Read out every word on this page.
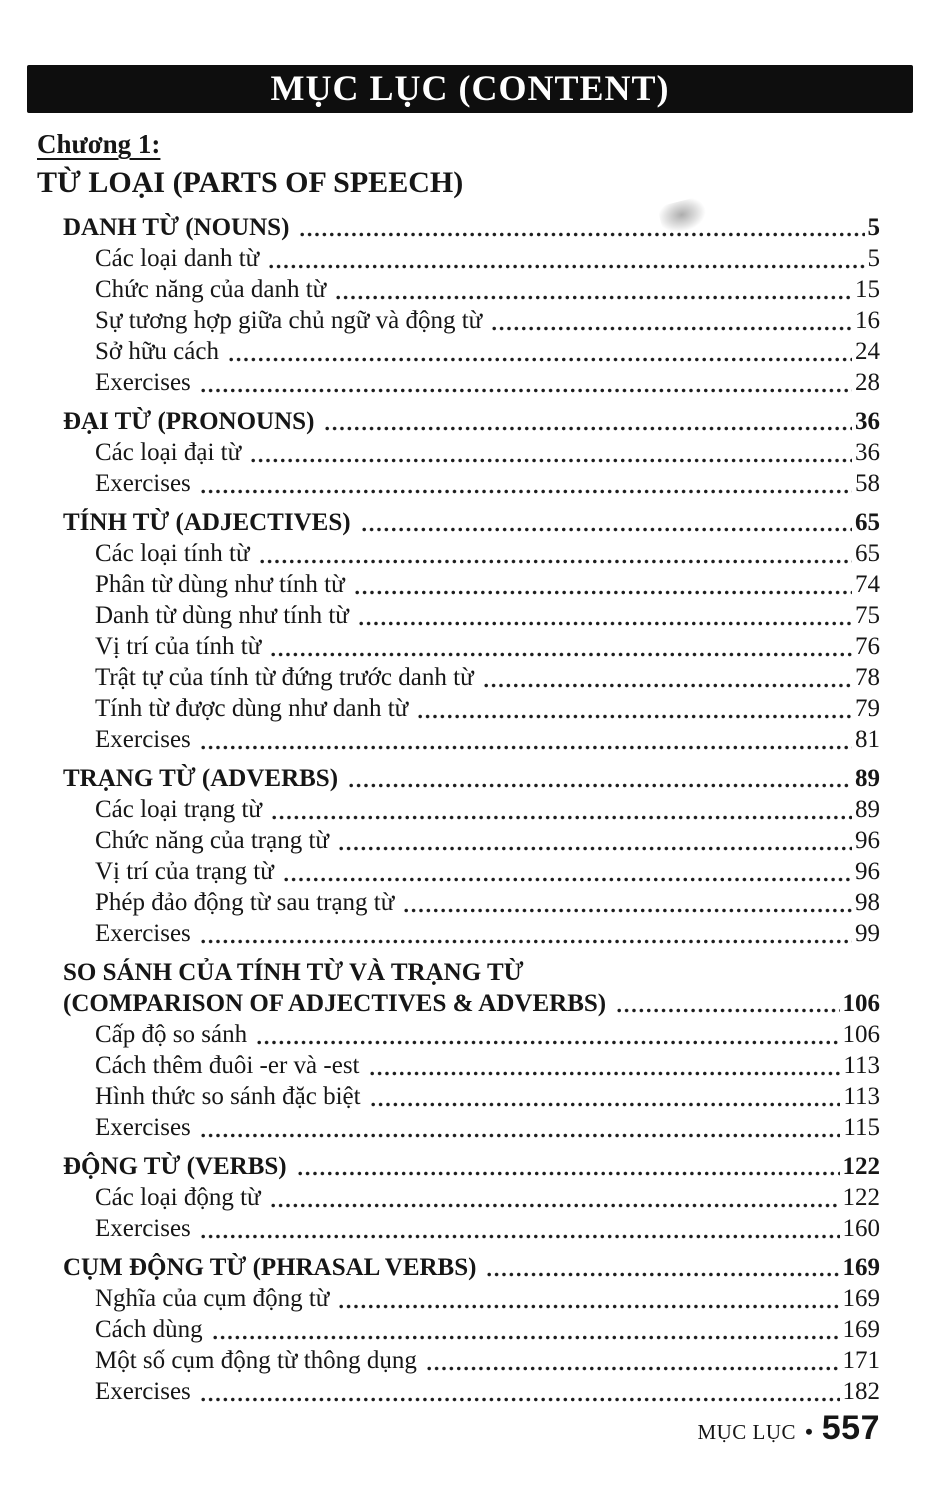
MỤC LỤC (CONTENT)
Chương 1:
TỪ LOẠI (PARTS OF SPEECH)
DANH TỪ (NOUNS)	5
Các loại danh từ	5
Chức năng của danh từ	15
Sự tương hợp giữa chủ ngữ và động từ	16
Sở hữu cách	24
Exercises	28
ĐẠI TỪ (PRONOUNS)	36
Các loại đại từ	36
Exercises	58
TÍNH TỪ (ADJECTIVES)	65
Các loại tính từ	65
Phân từ dùng như tính từ	74
Danh từ dùng như tính từ	75
Vị trí của tính từ	76
Trật tự của tính từ đứng trước danh từ	78
Tính từ được dùng như danh từ	79
Exercises	81
TRẠNG TỪ (ADVERBS)	89
Các loại trạng từ	89
Chức năng của trạng từ	96
Vị trí của trạng từ	96
Phép đảo động từ sau trạng từ	98
Exercises	99
SO SÁNH CỦA TÍNH TỪ VÀ TRẠNG TỪ
(COMPARISON OF ADJECTIVES & ADVERBS)	106
Cấp độ so sánh	106
Cách thêm đuôi -er và -est	113
Hình thức so sánh đặc biệt	113
Exercises	115
ĐỘNG TỪ (VERBS)	122
Các loại động từ	122
Exercises	160
CỤM ĐỘNG TỪ (PHRASAL VERBS)	169
Nghĩa của cụm động từ	169
Cách dùng	169
Một số cụm động từ thông dụng	171
Exercises	182
MỤC LỤC • 557
